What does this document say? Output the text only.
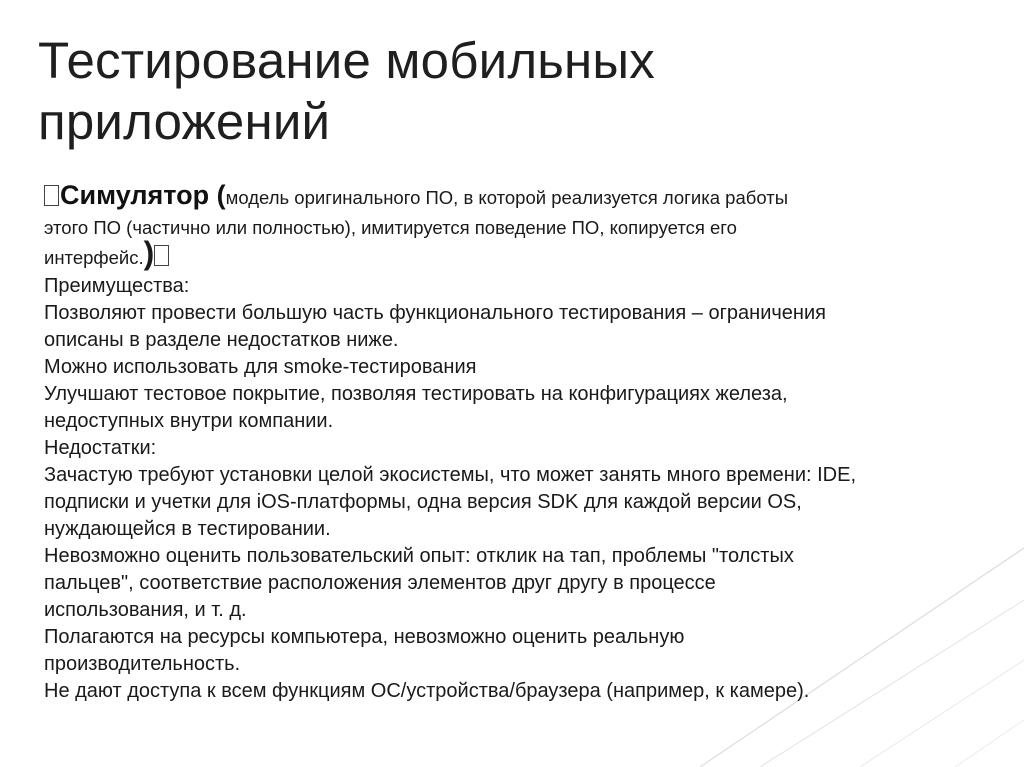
Тестирование мобильных
приложений

Симулятор (модель оригинального ПО, в которой реализуется логика работы

этого ПО (частично или полностью), имитируется поведение ПО, копируется его

интерфейс.)

Преимущества:

Позволяют провести большую часть функционального тестирования – ограничения

описаны в разделе недостатков ниже.

Можно использовать для smoke-тестирования

Улучшают тестовое покрытие, позволяя тестировать на конфигурациях железа,

недоступных внутри компании.

Недостатки:

Зачастую требуют установки целой экосистемы, что может занять много времени: IDE,

подписки и учетки для iOS-платформы, одна версия SDK для каждой версии OS,

нуждающейся в тестировании.

Невозможно оценить пользовательский опыт: отклик на тап, проблемы "толстых

пальцев", соответствие расположения элементов друг другу в процессе

использования, и т. д.

Полагаются на ресурсы компьютера, невозможно оценить реальную

производительность.

Не дают доступа к всем функциям ОС/устройства/браузера (например, к камере).
